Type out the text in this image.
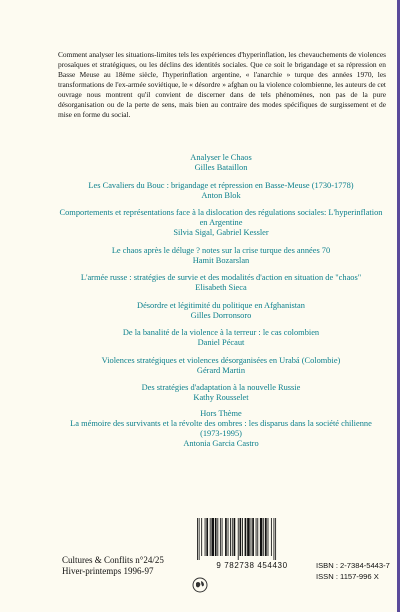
Comment analyser les situations-limites tels les expériences d'hyperinflation, les chevauchements de violences prosaïques et stratégiques, ou les déclins des identités sociales. Que ce soit le brigandage et sa répression en Basse Meuse au 18ème siècle, l'hyperinflation argentine, « l'anarchie » turque des années 1970, les transformations de l'ex-armée soviétique, le « désordre » afghan ou la violence colombienne, les auteurs de cet ouvrage nous montrent qu'il convient de discerner dans de tels phénomènes, non pas de la pure désorganisation ou de la perte de sens, mais bien au contraire des modes spécifiques de surgissement et de mise en forme du social.

Analyser le Chaos
Gilles Bataillon
Les Cavaliers du Bouc : brigandage et répression en Basse-Meuse (1730-1778)
Anton Blok
Comportements et représentations face à la dislocation des régulations sociales: L'hyperinflation en Argentine
Silvia Sigal, Gabriel Kessler
Le chaos après le déluge ? notes sur la crise turque des années 70
Hamit Bozarslan
L'armée russe : stratégies de survie et des modalités d'action en situation de "chaos"
Elisabeth Sieca
Désordre et légitimité du politique en Afghanistan
Gilles Dorronsoro
De la banalité de la violence à la terreur : le cas colombien
Daniel Pécaut
Violences stratégiques et violences désorganisées en Urabá (Colombie)
Gérard Martin
Des stratégies d'adaptation à la nouvelle Russie
Kathy Rousselet
Hors Thème
La mémoire des survivants et la révolte des ombres : les disparus dans la société chilienne (1973-1995)
Antonia Garcia Castro
Cultures & Conflits n°24/25
Hiver-printemps 1996-97
9 782738 454430	ISBN : 2-7384-5443-7
ISSN : 1157-996 X
